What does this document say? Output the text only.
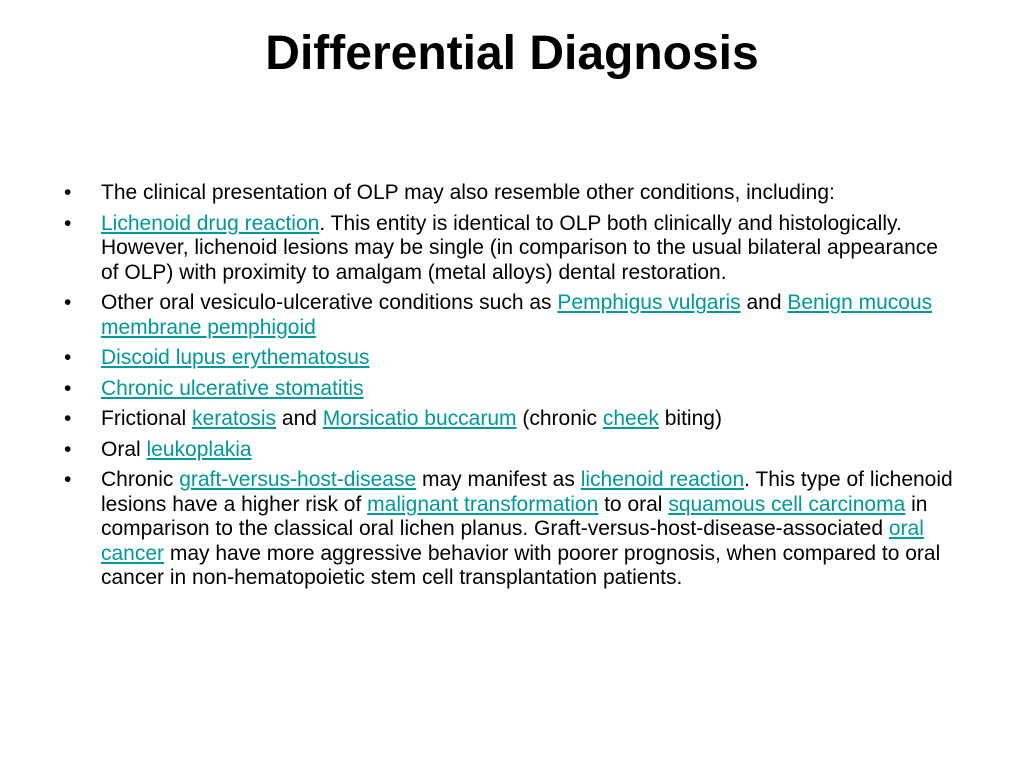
Differential Diagnosis
•	The clinical presentation of OLP may also resemble other conditions, including:
•	Lichenoid drug reaction. This entity is identical to OLP both clinically and histologically. However, lichenoid lesions may be single (in comparison to the usual bilateral appearance of OLP) with proximity to amalgam (metal alloys) dental restoration.
•	Other oral vesiculo-ulcerative conditions such as Pemphigus vulgaris and Benign mucous membrane pemphigoid
•	Discoid lupus erythematosus
•	Chronic ulcerative stomatitis
•	Frictional keratosis and Morsicatio buccarum (chronic cheek biting)
•	Oral leukoplakia
•	Chronic graft-versus-host-disease may manifest as lichenoid reaction. This type of lichenoid lesions have a higher risk of malignant transformation to oral squamous cell carcinoma in comparison to the classical oral lichen planus. Graft-versus-host-disease-associated oral cancer may have more aggressive behavior with poorer prognosis, when compared to oral cancer in non-hematopoietic stem cell transplantation patients.
